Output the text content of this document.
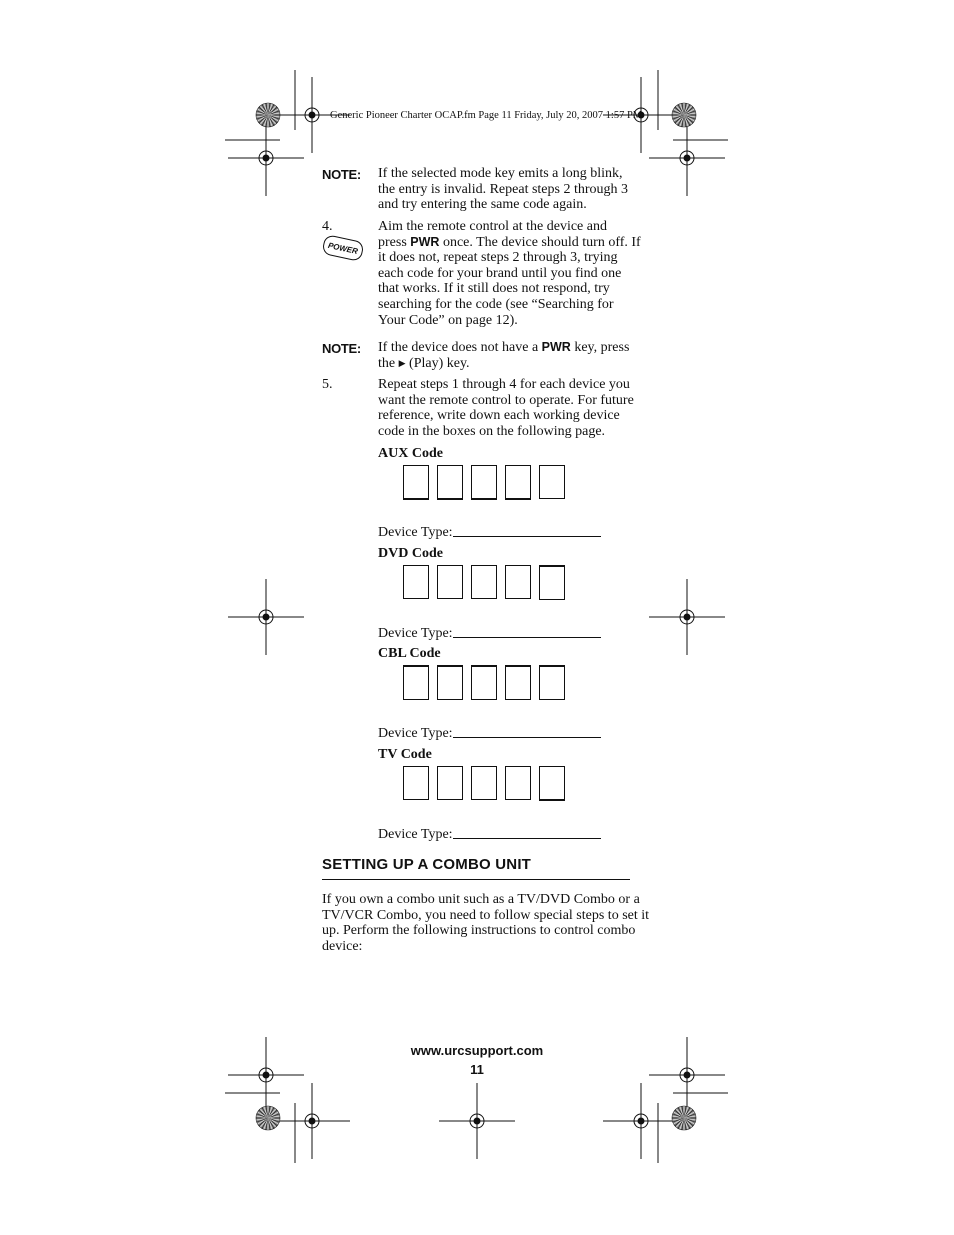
Generic Pioneer Charter OCAP.fm Page 11 Friday, July 20, 2007 1:57 PM
NOTE: If the selected mode key emits a long blink,
the entry is invalid. Repeat steps 2 through 3
and try entering the same code again.
4.
POWER
Aim the remote control at the device and
press PWR once. The device should turn off. If
it does not, repeat steps 2 through 3, trying
each code for your brand until you find one
that works. If it still does not respond, try
searching for the code (see “Searching for
Your Code” on page 12).
NOTE: If the device does not have a PWR key, press
the ▶ (Play) key.
5.	Repeat steps 1 through 4 for each device you
want the remote control to operate. For future
reference, write down each working device
code in the boxes on the following page.
AUX Code
Device Type:
DVD Code
Device Type:
CBL Code
Device Type:
TV Code
Device Type:
SETTING UP A COMBO UNIT
If you own a combo unit such as a TV/DVD Combo or a
TV/VCR Combo, you need to follow special steps to set it
up. Perform the following instructions to control combo
device:
www.urcsupport.com
11
